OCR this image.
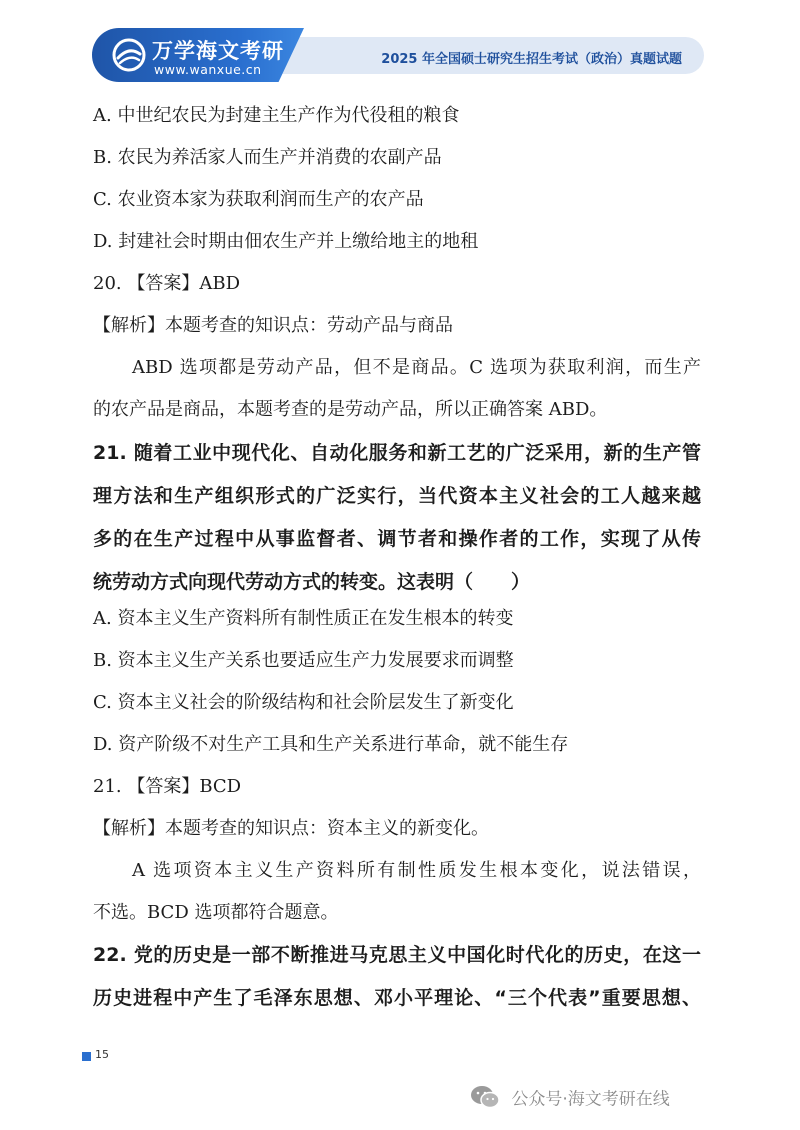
万学海文考研
www.wanxue.cn
2025 年全国硕士研究生招生考试（政治）真题试题
A. 中世纪农民为封建主生产作为代役租的粮食
B. 农民为养活家人而生产并消费的农副产品
C. 农业资本家为获取利润而生产的农产品
D. 封建社会时期由佃农生产并上缴给地主的地租
20. 【答案】ABD
【解析】本题考查的知识点：劳动产品与商品
ABD 选项都是劳动产品，但不是商品。C 选项为获取利润，而生产
的农产品是商品，本题考查的是劳动产品，所以正确答案 ABD。
21. 随着工业中现代化、自动化服务和新工艺的广泛采用，新的生产管
理方法和生产组织形式的广泛实行，当代资本主义社会的工人越来越
多的在生产过程中从事监督者、调节者和操作者的工作，实现了从传
统劳动方式向现代劳动方式的转变。这表明（　　）
A. 资本主义生产资料所有制性质正在发生根本的转变
B. 资本主义生产关系也要适应生产力发展要求而调整
C. 资本主义社会的阶级结构和社会阶层发生了新变化
D. 资产阶级不对生产工具和生产关系进行革命，就不能生存
21. 【答案】BCD
【解析】本题考查的知识点：资本主义的新变化。
A 选项资本主义生产资料所有制性质发生根本变化，说法错误，
不选。BCD 选项都符合题意。
22. 党的历史是一部不断推进马克思主义中国化时代化的历史，在这一
历史进程中产生了毛泽东思想、邓小平理论、“三个代表”重要思想、
15
公众号·海文考研在线
